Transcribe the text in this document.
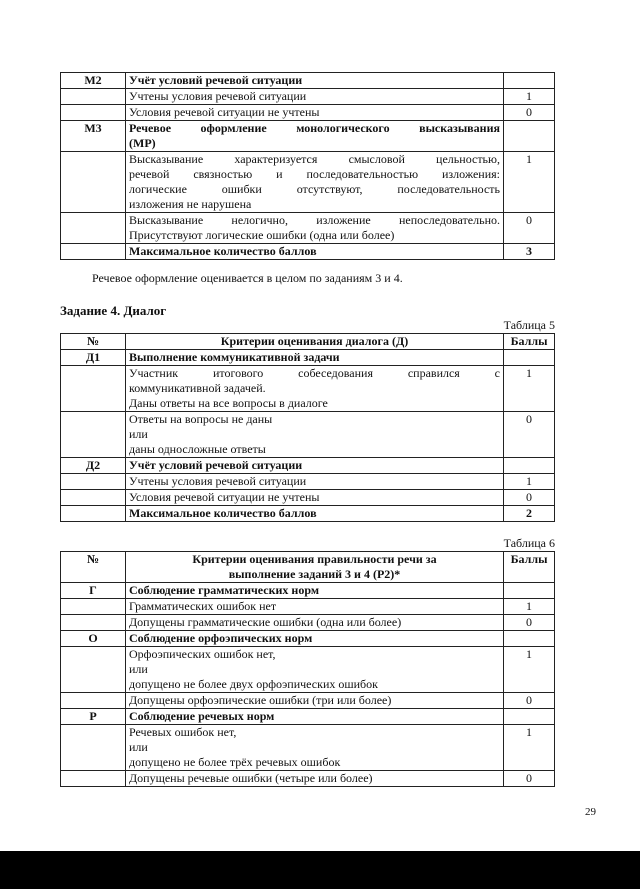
М2	Учёт условий речевой ситуации	
	Учтены условия речевой ситуации	1
	Условия речевой ситуации не учтены	0
М3	Речевое оформление монологического высказывания
(МР)	

	Высказывание характеризуется смысловой цельностью,
речевой связностью и последовательностью изложения:
логические ошибки отсутствуют, последовательность
изложения не нарушена	1

	Высказывание нелогично, изложение непоследовательно.
Присутствуют логические ошибки (одна или более)	0
	Максимальное количество баллов	3
Речевое оформление оценивается в целом по заданиям 3 и 4.
Задание 4. Диалог
Таблица 5
№	Критерии оценивания диалога (Д)	Баллы
Д1	Выполнение коммуникативной задачи	

	Участник итогового собеседования справился с
коммуникативной задачей.
Даны ответы на все вопросы в диалоге	1

	Ответы на вопросы не даны
или
даны односложные ответы	0
Д2	Учёт условий речевой ситуации	
	Учтены условия речевой ситуации	1
	Условия речевой ситуации не учтены	0
	Максимальное количество баллов	2
Таблица 6
№	Критерии оценивания правильности речи за
выполнение заданий 3 и 4 (Р2)*	Баллы
Г	Соблюдение грамматических норм	
	Грамматических ошибок нет	1
	Допущены грамматические ошибки (одна или более)	0
О	Соблюдение орфоэпических норм	

	Орфоэпических ошибок нет,
или
допущено не более двух орфоэпических ошибок	1
	Допущены орфоэпические ошибки (три или более)	0
Р	Соблюдение речевых норм	

	Речевых ошибок нет,
или
допущено не более трёх речевых ошибок	1
	Допущены речевые ошибки (четыре или более)	0
29
